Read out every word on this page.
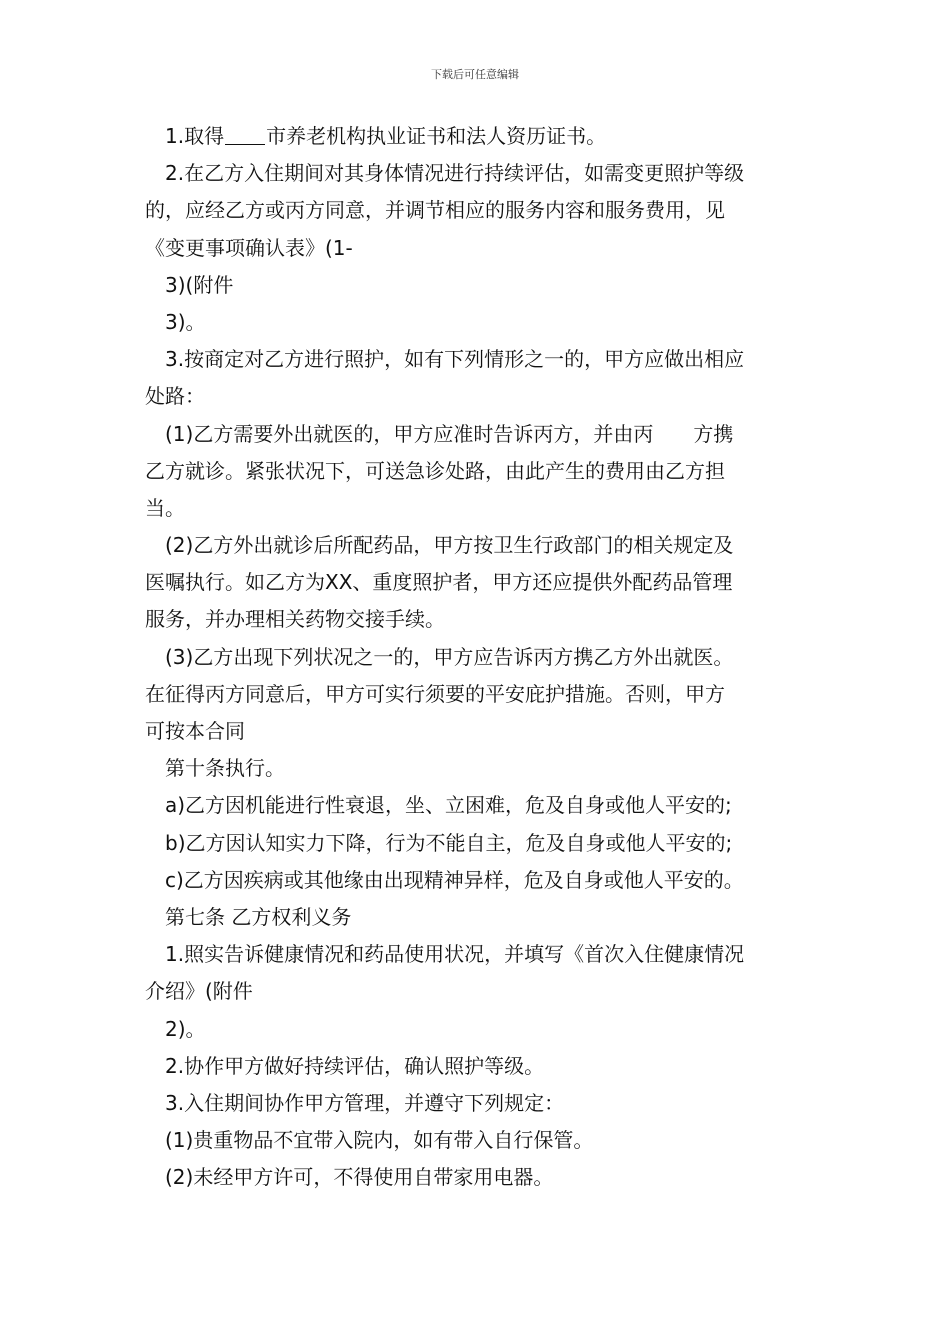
下载后可任意编辑
1.取得 市养老机构执业证书和法人资历证书。
2.在乙方入住期间对其身体情况进行持续评估，如需变更照护等级
的，应经乙方或丙方同意，并调节相应的服务内容和服务费用，见
《变更事项确认表》(1-
3)(附件
3)。
3.按商定对乙方进行照护，如有下列情形之一的，甲方应做出相应
处路：
(1)乙方需要外出就医的，甲方应准时告诉丙方，并由丙 方携
乙方就诊。紧张状况下，可送急诊处路，由此产生的费用由乙方担
当。
(2)乙方外出就诊后所配药品，甲方按卫生行政部门的相关规定及
医嘱执行。如乙方为XX、重度照护者，甲方还应提供外配药品管理
服务，并办理相关药物交接手续。
(3)乙方出现下列状况之一的，甲方应告诉丙方携乙方外出就医。
在征得丙方同意后，甲方可实行须要的平安庇护措施。否则，甲方
可按本合同
第十条执行。
a)乙方因机能进行性衰退，坐、立困难，危及自身或他人平安的;
b)乙方因认知实力下降，行为不能自主，危及自身或他人平安的;
c)乙方因疾病或其他缘由出现精神异样，危及自身或他人平安的。
第七条 乙方权利义务
1.照实告诉健康情况和药品使用状况，并填写《首次入住健康情况
介绍》(附件
2)。
2.协作甲方做好持续评估，确认照护等级。
3.入住期间协作甲方管理，并遵守下列规定：
(1)贵重物品不宜带入院内，如有带入自行保管。
(2)未经甲方许可，不得使用自带家用电器。
